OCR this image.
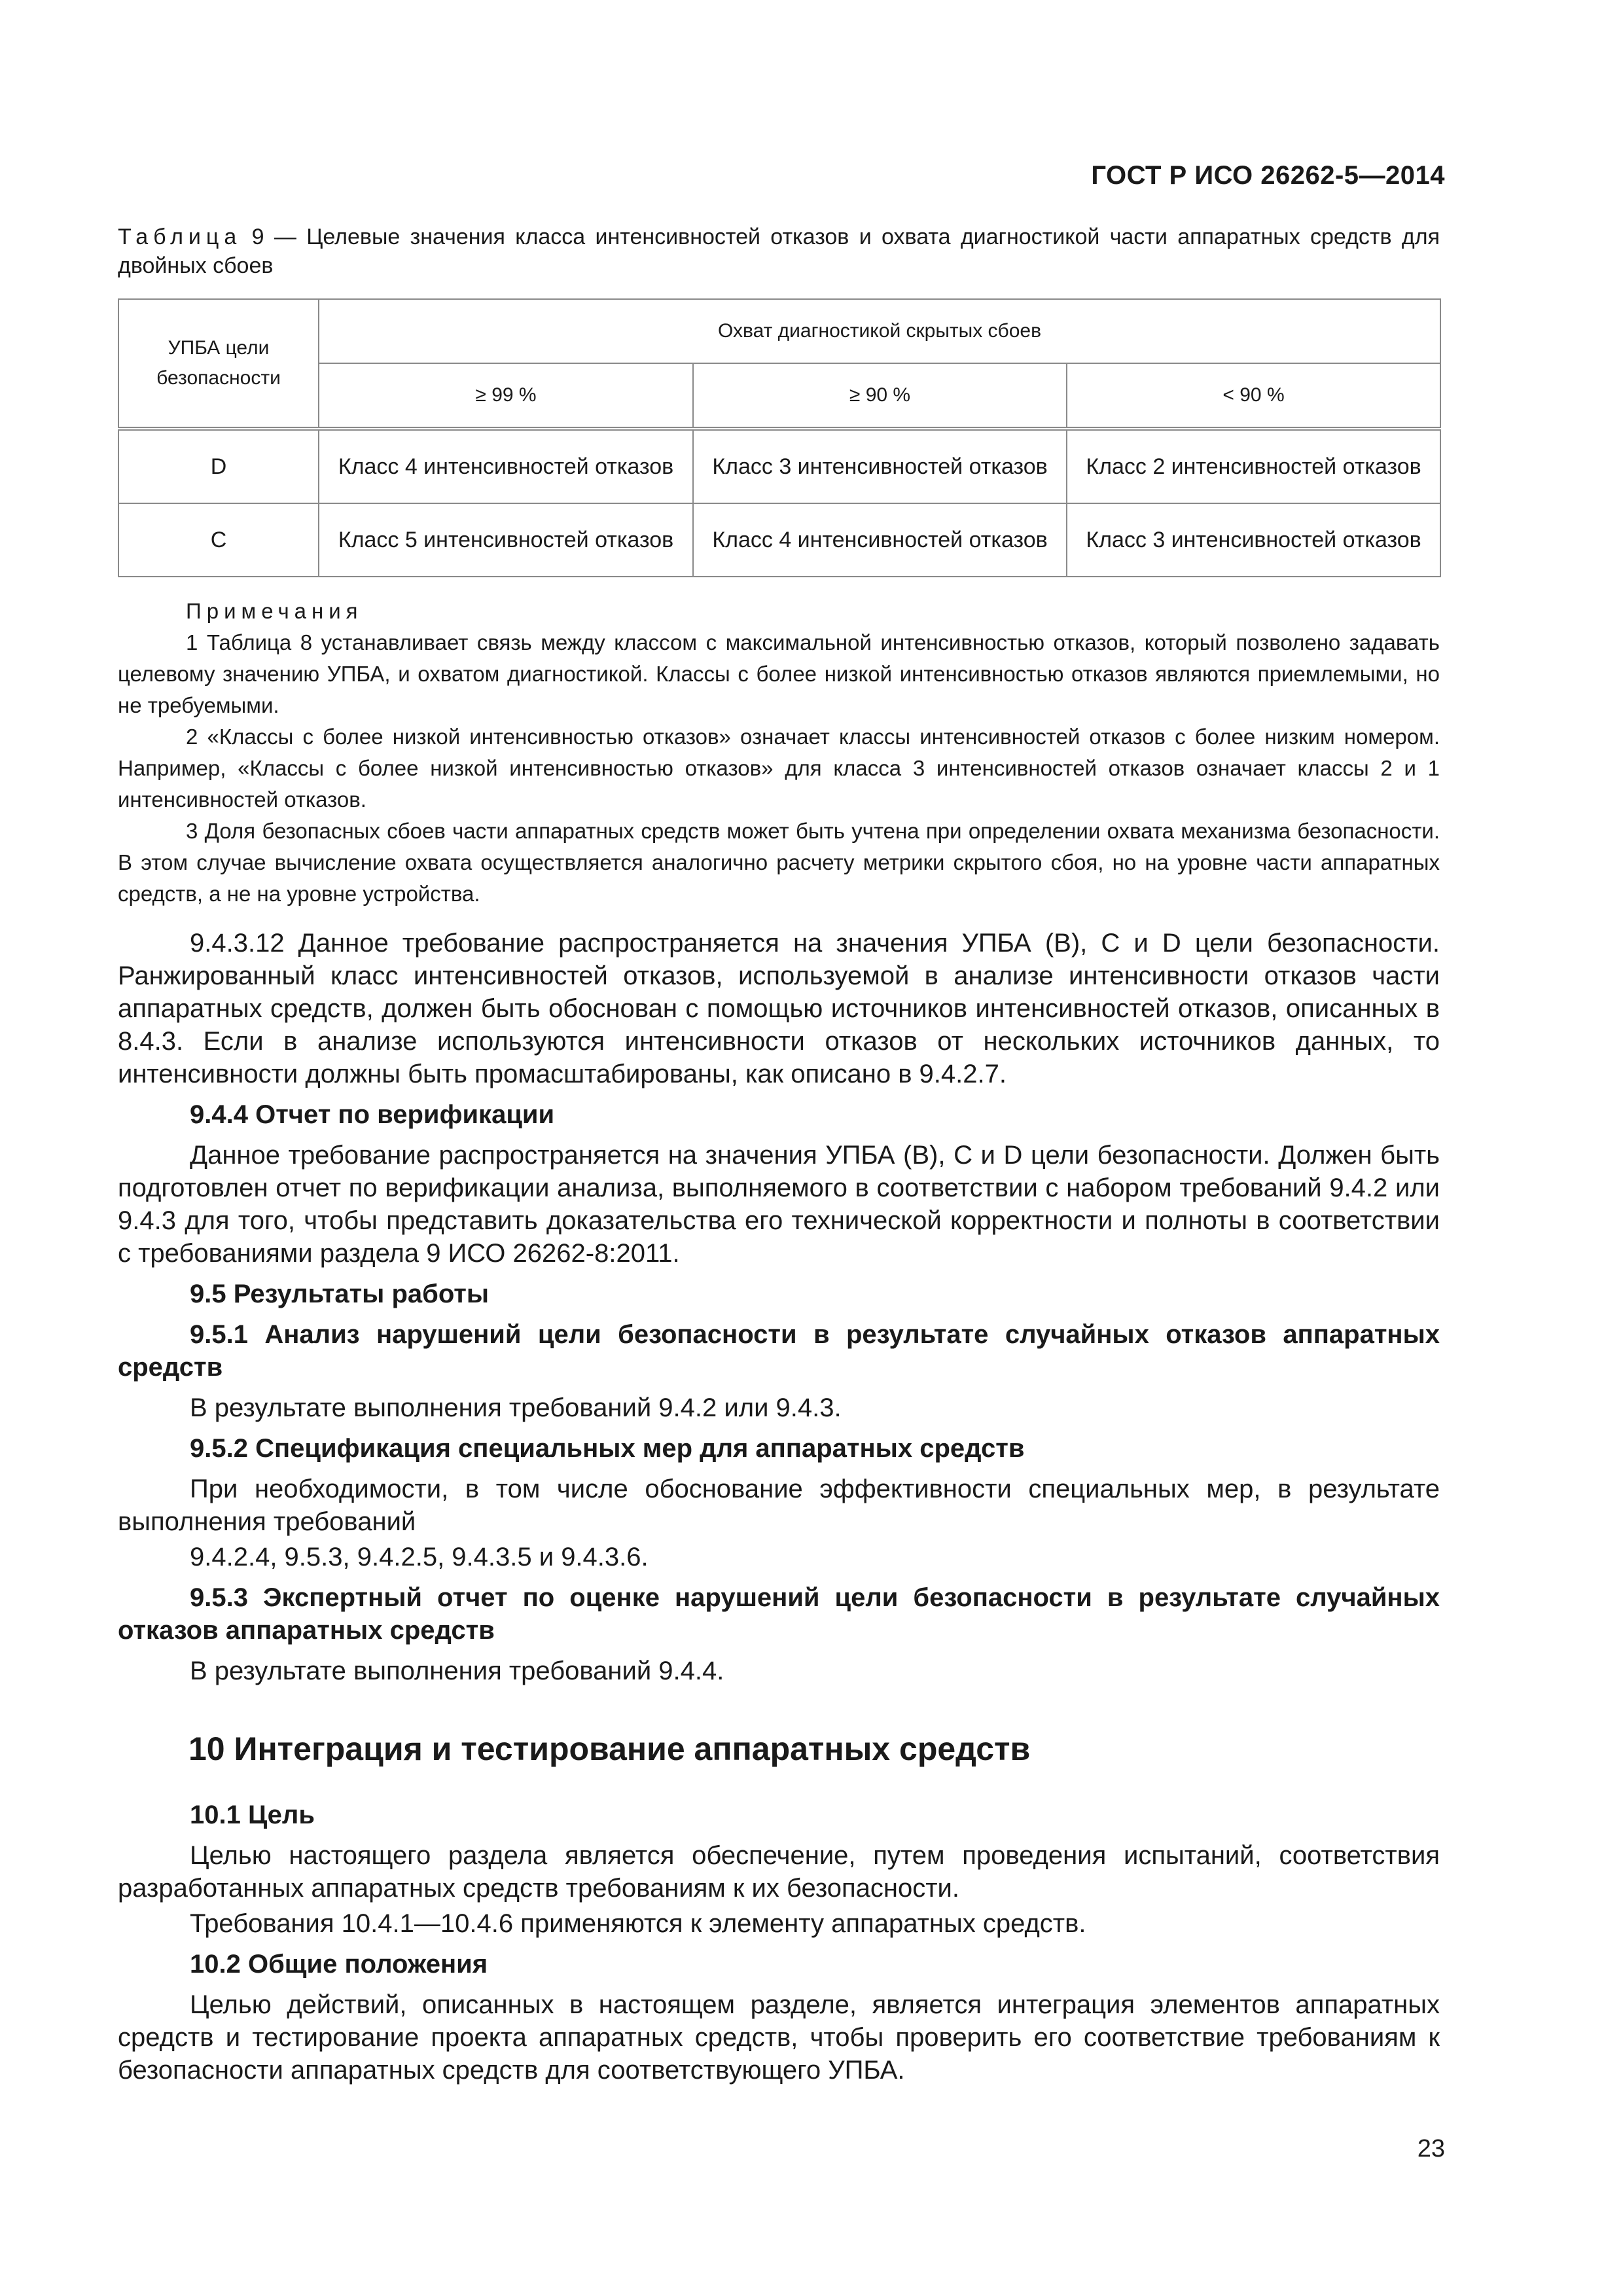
ГОСТ Р ИСО 26262-5—2014

Таблица 9 — Целевые значения класса интенсивностей отказов и охвата диагностикой части аппаратных средств для двойных сбоев

УПБА цели безопасности	Охват диагностикой скрытых сбоев		
	≥ 99 %	≥ 90 %	< 90 %
D	Класс 4 интенсивностей отказов	Класс 3 интенсивностей отказов	Класс 2 интенсивностей отказов
C	Класс 5 интенсивностей отказов	Класс 4 интенсивностей отказов	Класс 3 интенсивностей отказов

Примечания

1 Таблица 8 устанавливает связь между классом с максимальной интенсивностью отказов, который позволено задавать целевому значению УПБА, и охватом диагностикой. Классы с более низкой интенсивностью отказов являются приемлемыми, но не требуемыми.

2 «Классы с более низкой интенсивностью отказов» означает классы интенсивностей отказов с более низким номером. Например, «Классы с более низкой интенсивностью отказов» для класса 3 интенсивностей отказов означает классы 2 и 1 интенсивностей отказов.

3 Доля безопасных сбоев части аппаратных средств может быть учтена при определении охвата механизма безопасности. В этом случае вычисление охвата осуществляется аналогично расчету метрики скрытого сбоя, но на уровне части аппаратных средств, а не на уровне устройства.

9.4.3.12 Данное требование распространяется на значения УПБА (B), C и D цели безопасности. Ранжированный класс интенсивностей отказов, используемой в анализе интенсивности отказов части аппаратных средств, должен быть обоснован с помощью источников интенсивностей отказов, описанных в 8.4.3. Если в анализе используются интенсивности отказов от нескольких источников данных, то интенсивности должны быть промасштабированы, как описано в 9.4.2.7.

9.4.4 Отчет по верификации

Данное требование распространяется на значения УПБА (B), C и D цели безопасности. Должен быть подготовлен отчет по верификации анализа, выполняемого в соответствии с набором требований 9.4.2 или 9.4.3 для того, чтобы представить доказательства его технической корректности и полноты в соответствии с требованиями раздела 9 ИСО 26262-8:2011.

9.5 Результаты работы
9.5.1 Анализ нарушений цели безопасности в результате случайных отказов аппаратных средств

В результате выполнения требований 9.4.2 или 9.4.3.

9.5.2 Спецификация специальных мер для аппаратных средств

При необходимости, в том числе обоснование эффективности специальных мер, в результате выполнения требований

9.4.2.4, 9.5.3, 9.4.2.5, 9.4.3.5 и 9.4.3.6.

9.5.3 Экспертный отчет по оценке нарушений цели безопасности в результате случайных отказов аппаратных средств

В результате выполнения требований 9.4.4.

10 Интеграция и тестирование аппаратных средств
10.1 Цель

Целью настоящего раздела является обеспечение, путем проведения испытаний, соответствия разработанных аппаратных средств требованиям к их безопасности.

Требования 10.4.1—10.4.6 применяются к элементу аппаратных средств.

10.2 Общие положения

Целью действий, описанных в настоящем разделе, является интеграция элементов аппаратных средств и тестирование проекта аппаратных средств, чтобы проверить его соответствие требованиям к безопасности аппаратных средств для соответствующего УПБА.

23
